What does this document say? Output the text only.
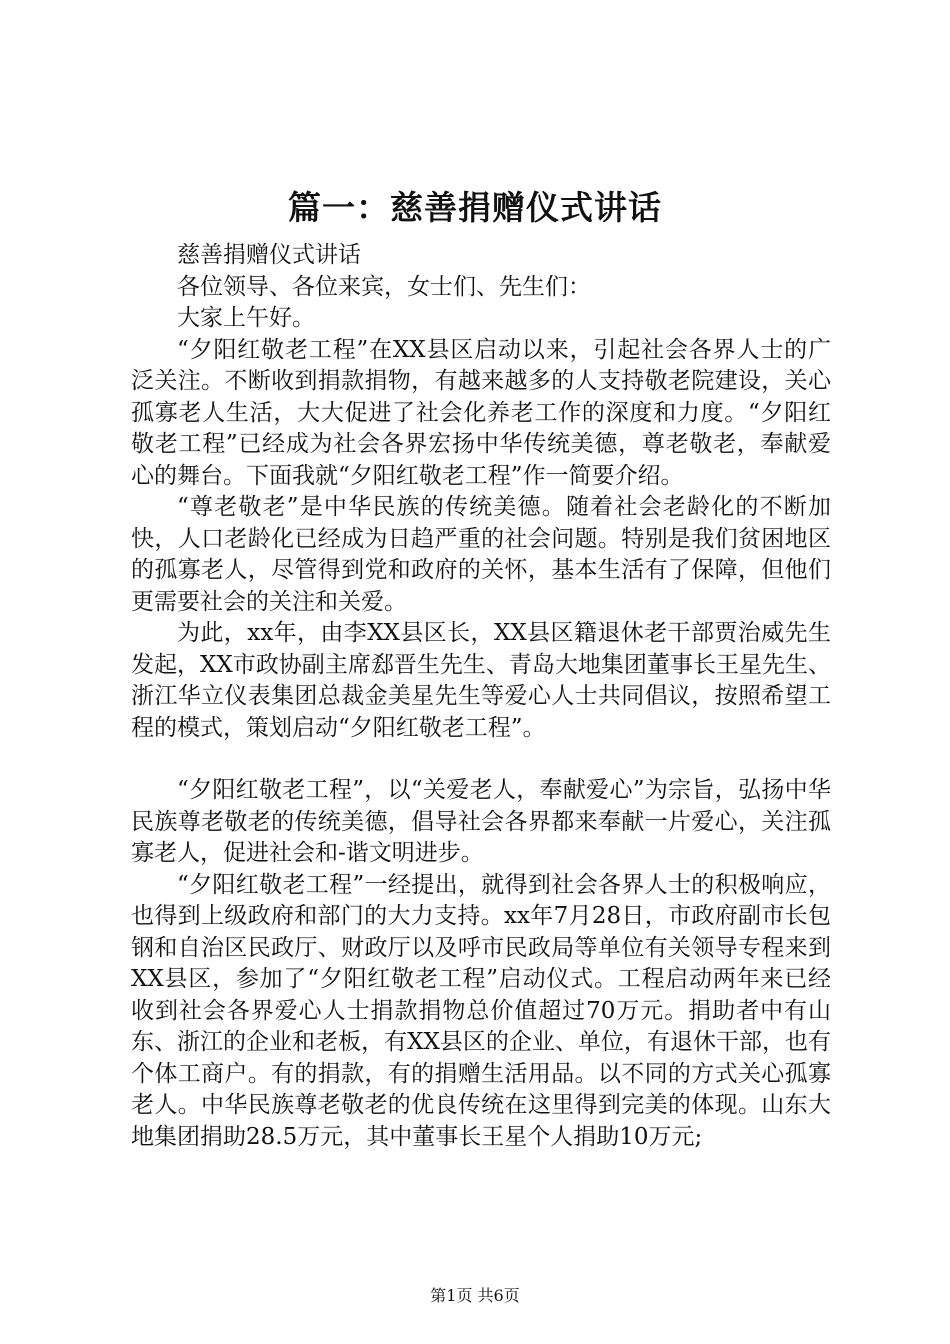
篇一：慈善捐赠仪式讲话

慈善捐赠仪式讲话

各位领导、各位来宾，女士们、先生们：

大家上午好。

“夕阳红敬老工程”在XX县区启动以来，引起社会各界人士的广泛关注。不断收到捐款捐物，有越来越多的人支持敬老院建设，关心孤寡老人生活，大大促进了社会化养老工作的深度和力度。“夕阳红敬老工程”已经成为社会各界宏扬中华传统美德，尊老敬老，奉献爱心的舞台。下面我就“夕阳红敬老工程”作一简要介绍。

“尊老敬老”是中华民族的传统美德。随着社会老龄化的不断加快，人口老龄化已经成为日趋严重的社会问题。特别是我们贫困地区的孤寡老人，尽管得到党和政府的关怀，基本生活有了保障，但他们更需要社会的关注和关爱。

为此，xx年，由李XX县区长，XX县区籍退休老干部贾治威先生发起，XX市政协副主席郄晋生先生、青岛大地集团董事长王星先生、浙江华立仪表集团总裁金美星先生等爱心人士共同倡议，按照希望工程的模式，策划启动“夕阳红敬老工程”。

“夕阳红敬老工程”，以“关爱老人，奉献爱心”为宗旨，弘扬中华民族尊老敬老的传统美德，倡导社会各界都来奉献一片爱心，关注孤寡老人，促进社会和-谐文明进步。

“夕阳红敬老工程”一经提出，就得到社会各界人士的积极响应，也得到上级政府和部门的大力支持。xx年7月28日，市政府副市长包钢和自治区民政厅、财政厅以及呼市民政局等单位有关领导专程来到XX县区，参加了“夕阳红敬老工程”启动仪式。工程启动两年来已经收到社会各界爱心人士捐款捐物总价值超过70万元。捐助者中有山东、浙江的企业和老板，有XX县区的企业、单位，有退休干部，也有个体工商户。有的捐款，有的捐赠生活用品。以不同的方式关心孤寡老人。中华民族尊老敬老的优良传统在这里得到完美的体现。山东大地集团捐助28.5万元，其中董事长王星个人捐助10万元;

第1页 共6页
